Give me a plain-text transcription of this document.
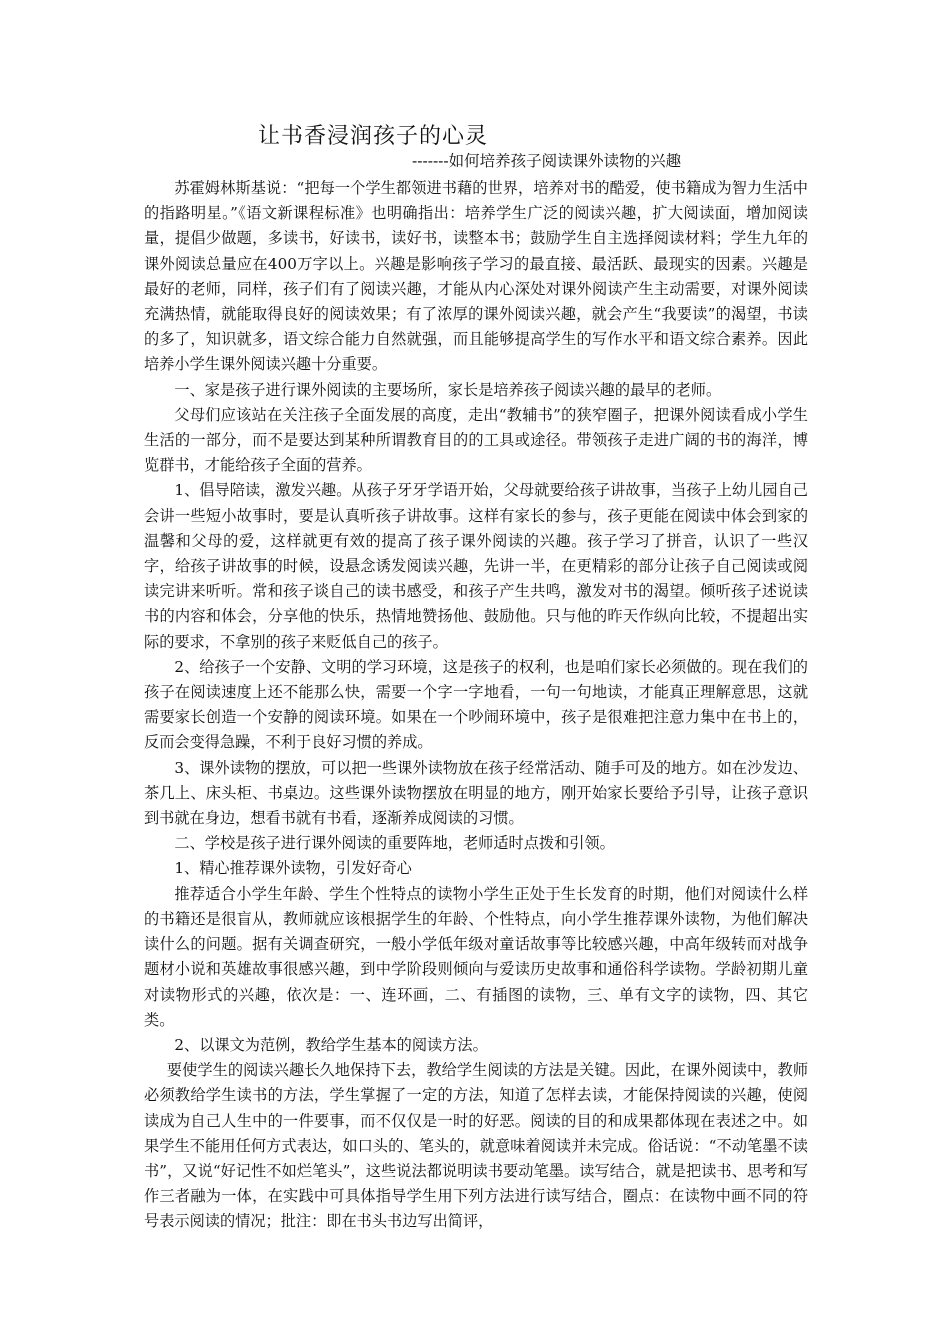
让书香浸润孩子的心灵
-------如何培养孩子阅读课外读物的兴趣

苏霍姆林斯基说：“把每一个学生都领进书藉的世界，培养对书的酷爱，使书籍成为智力生活中的指路明星。”《语文新课程标准》也明确指出：培养学生广泛的阅读兴趣，扩大阅读面，增加阅读量，提倡少做题，多读书，好读书，读好书，读整本书；鼓励学生自主选择阅读材料；学生九年的课外阅读总量应在400万字以上。兴趣是影响孩子学习的最直接、最活跃、最现实的因素。兴趣是最好的老师，同样，孩子们有了阅读兴趣，才能从内心深处对课外阅读产生主动需要，对课外阅读充满热情，就能取得良好的阅读效果；有了浓厚的课外阅读兴趣，就会产生“我要读”的渴望，书读的多了，知识就多，语文综合能力自然就强，而且能够提高学生的写作水平和语文综合素养。因此培养小学生课外阅读兴趣十分重要。

一、家是孩子进行课外阅读的主要场所，家长是培养孩子阅读兴趣的最早的老师。

父母们应该站在关注孩子全面发展的高度，走出“教辅书”的狭窄圈子，把课外阅读看成小学生生活的一部分，而不是要达到某种所谓教育目的的工具或途径。带领孩子走进广阔的书的海洋，博览群书，才能给孩子全面的营养。

1、倡导陪读，激发兴趣。从孩子牙牙学语开始，父母就要给孩子讲故事，当孩子上幼儿园自己会讲一些短小故事时，要是认真听孩子讲故事。这样有家长的参与，孩子更能在阅读中体会到家的温馨和父母的爱，这样就更有效的提高了孩子课外阅读的兴趣。孩子学习了拼音，认识了一些汉字，给孩子讲故事的时候，设悬念诱发阅读兴趣，先讲一半，在更精彩的部分让孩子自己阅读或阅读完讲来听听。常和孩子谈自己的读书感受，和孩子产生共鸣，激发对书的渴望。倾听孩子述说读书的内容和体会，分享他的快乐，热情地赞扬他、鼓励他。只与他的昨天作纵向比较，不提超出实际的要求，不拿别的孩子来贬低自己的孩子。

2、给孩子一个安静、文明的学习环境，这是孩子的权利，也是咱们家长必须做的。现在我们的孩子在阅读速度上还不能那么快，需要一个字一字地看，一句一句地读，才能真正理解意思，这就需要家长创造一个安静的阅读环境。如果在一个吵闹环境中，孩子是很难把注意力集中在书上的，反而会变得急躁，不利于良好习惯的养成。

3、课外读物的摆放，可以把一些课外读物放在孩子经常活动、随手可及的地方。如在沙发边、茶几上、床头柜、书桌边。这些课外读物摆放在明显的地方，刚开始家长要给予引导，让孩子意识到书就在身边，想看书就有书看，逐渐养成阅读的习惯。

二、学校是孩子进行课外阅读的重要阵地，老师适时点拨和引领。

1、精心推荐课外读物，引发好奇心

推荐适合小学生年龄、学生个性特点的读物小学生正处于生长发育的时期，他们对阅读什么样的书籍还是很盲从，教师就应该根据学生的年龄、个性特点，向小学生推荐课外读物，为他们解决读什么的问题。据有关调查研究，一般小学低年级对童话故事等比较感兴趣，中高年级转而对战争题材小说和英雄故事很感兴趣，到中学阶段则倾向与爱读历史故事和通俗科学读物。学龄初期儿童对读物形式的兴趣，依次是：一、连环画，二、有插图的读物，三、单有文字的读物，四、其它类。

2、以课文为范例，教给学生基本的阅读方法。

要使学生的阅读兴趣长久地保持下去，教给学生阅读的方法是关键。因此，在课外阅读中，教师必须教给学生读书的方法，学生掌握了一定的方法，知道了怎样去读，才能保持阅读的兴趣，使阅读成为自己人生中的一件要事，而不仅仅是一时的好恶。阅读的目的和成果都体现在表述之中。如果学生不能用任何方式表达，如口头的、笔头的，就意味着阅读并未完成。俗话说：“不动笔墨不读书”，又说“好记性不如烂笔头”，这些说法都说明读书要动笔墨。读写结合，就是把读书、思考和写作三者融为一体，在实践中可具体指导学生用下列方法进行读写结合，圈点：在读物中画不同的符号表示阅读的情况；批注：即在书头书边写出简评，
